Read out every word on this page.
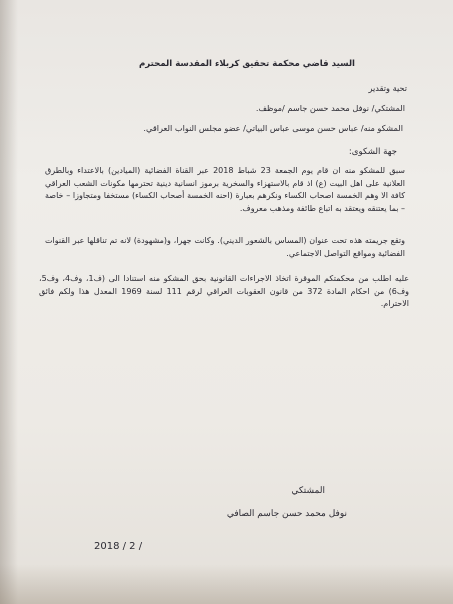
السيد قاضي محكمة تحقيق كربلاء المقدسة المحترم
تحية وتقدير
المشتكي/ نوفل محمد حسن جاسم /موظف.
المشكو منه/ عباس حسن موسى عباس البياتي/ عضو مجلس النواب العراقي.
جهة الشكوى:
سبق للمشكو منه ان قام يوم الجمعة 23 شباط 2018 عبر القناة الفضائية (الميادين) بالاعتداء وبالطرق العلانية على اهل البيت (ع) اذ قام بالاستهزاء والسخرية برموز انسانية دينية تحترمها مكونات الشعب العراقي كافة الا وهم الخمسة اصحاب الكساء ونكرهم بعبارة (احنه الخمسة أصحاب الكساء) مستخفا ومتجاوزا – خاصة – بما يعتنقه ويعتقد به اتباع طائفة ومذهب معروف.
وتقع جريمته هذه تحت عنوان (المساس بالشعور الديني). وكانت جهرا، و(مشهودة) لانه تم تناقلها عبر القنوات الفضائية ومواقع التواصل الاجتماعي.
عليه اطلب من محكمتكم الموقرة اتخاذ الاجراءات القانونية بحق المشكو منه استنادا الى (ف1، وف4، وف5، وف6) من احكام المادة 372 من قانون العقوبات العراقي لرقم 111 لسنة 1969 المعدل هذا ولكم فائق الاحترام.
المشتكي
نوفل محمد حسن جاسم الصافي
2018 / 2 /
